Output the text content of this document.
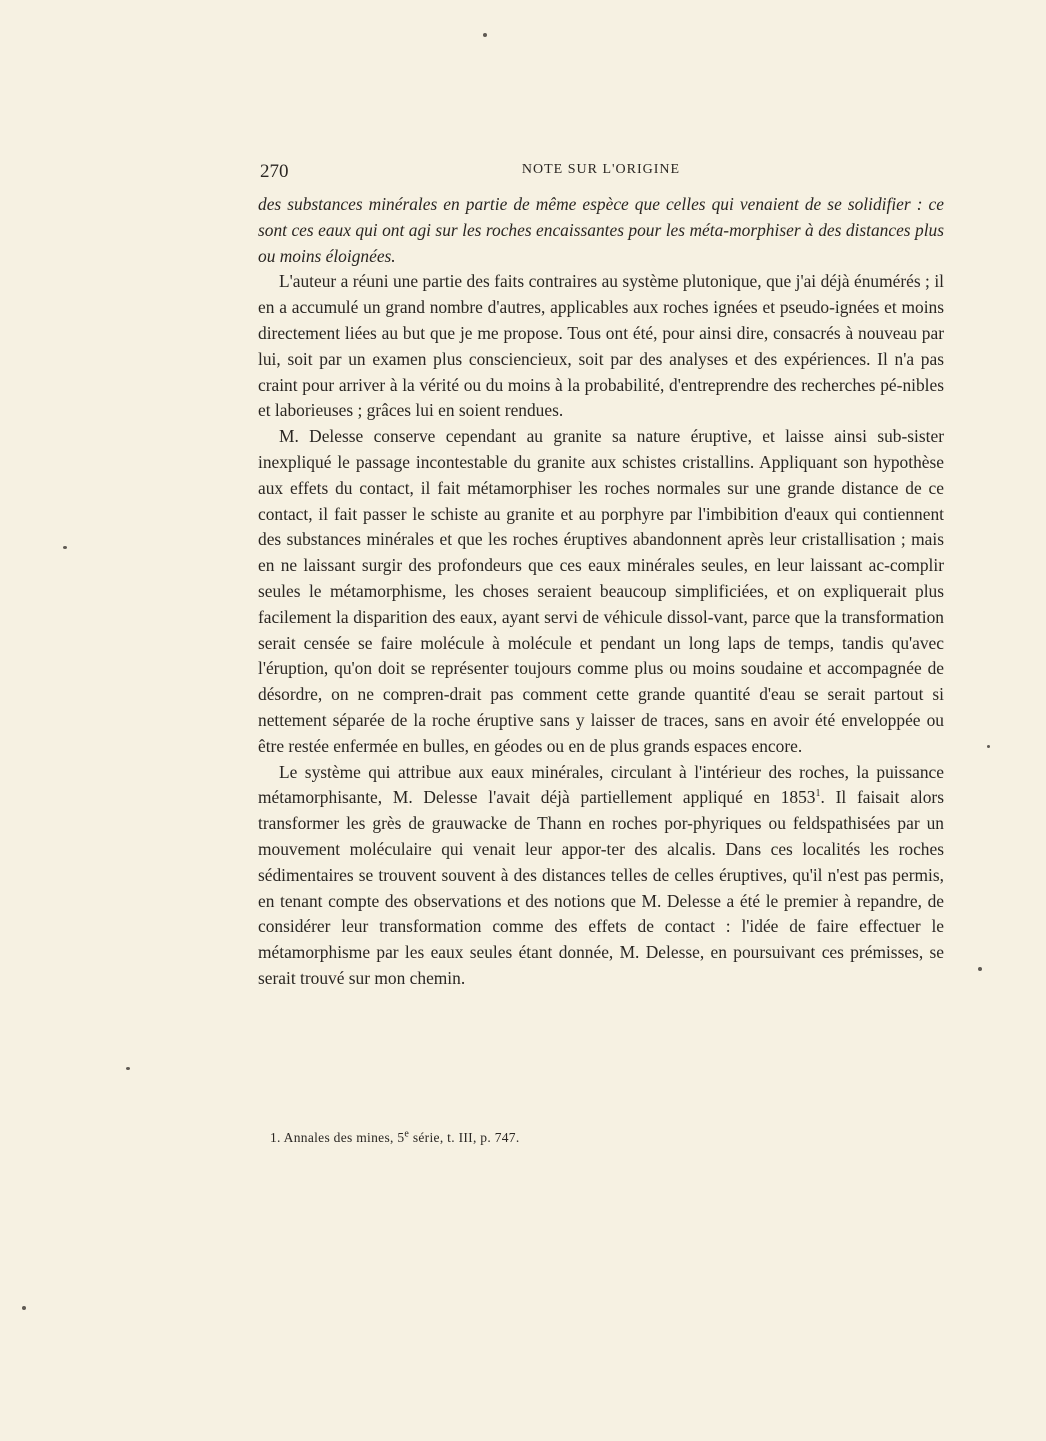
270	NOTE SUR L'ORIGINE

des substances minérales en partie de même espèce que celles qui venaient de se solidifier : ce sont ces eaux qui ont agi sur les roches encaissantes pour les méta-morphiser à des distances plus ou moins éloignées.

L'auteur a réuni une partie des faits contraires au système plutonique, que j'ai déjà énumérés ; il en a accumulé un grand nombre d'autres, applicables aux roches ignées et pseudo-ignées et moins directement liées au but que je me propose. Tous ont été, pour ainsi dire, consacrés à nouveau par lui, soit par un examen plus consciencieux, soit par des analyses et des expériences. Il n'a pas craint pour arriver à la vérité ou du moins à la probabilité, d'entreprendre des recherches pé-nibles et laborieuses ; grâces lui en soient rendues.

M. Delesse conserve cependant au granite sa nature éruptive, et laisse ainsi sub-sister inexpliqué le passage incontestable du granite aux schistes cristallins. Appliquant son hypothèse aux effets du contact, il fait métamorphiser les roches normales sur une grande distance de ce contact, il fait passer le schiste au granite et au porphyre par l'imbibition d'eaux qui contiennent des substances minérales et que les roches éruptives abandonnent après leur cristallisation ; mais en ne laissant surgir des profondeurs que ces eaux minérales seules, en leur laissant ac-complir seules le métamorphisme, les choses seraient beaucoup simplificiées, et on expliquerait plus facilement la disparition des eaux, ayant servi de véhicule dissol-vant, parce que la transformation serait censée se faire molécule à molécule et pendant un long laps de temps, tandis qu'avec l'éruption, qu'on doit se représenter toujours comme plus ou moins soudaine et accompagnée de désordre, on ne compren-drait pas comment cette grande quantité d'eau se serait partout si nettement séparée de la roche éruptive sans y laisser de traces, sans en avoir été enveloppée ou être restée enfermée en bulles, en géodes ou en de plus grands espaces encore.

Le système qui attribue aux eaux minérales, circulant à l'intérieur des roches, la puissance métamorphisante, M. Delesse l'avait déjà partiellement appliqué en 1853$^1$. Il faisait alors transformer les grès de grauwacke de Thann en roches por-phyriques ou feldspathisées par un mouvement moléculaire qui venait leur appor-ter des alcalis. Dans ces localités les roches sédimentaires se trouvent souvent à des distances telles de celles éruptives, qu'il n'est pas permis, en tenant compte des observations et des notions que M. Delesse a été le premier à repandre, de considérer leur transformation comme des effets de contact : l'idée de faire effectuer le métamorphisme par les eaux seules étant donnée, M. Delesse, en poursuivant ces prémisses, se serait trouvé sur mon chemin.

1. Annales des mines, 5e série, t. III, p. 747.
